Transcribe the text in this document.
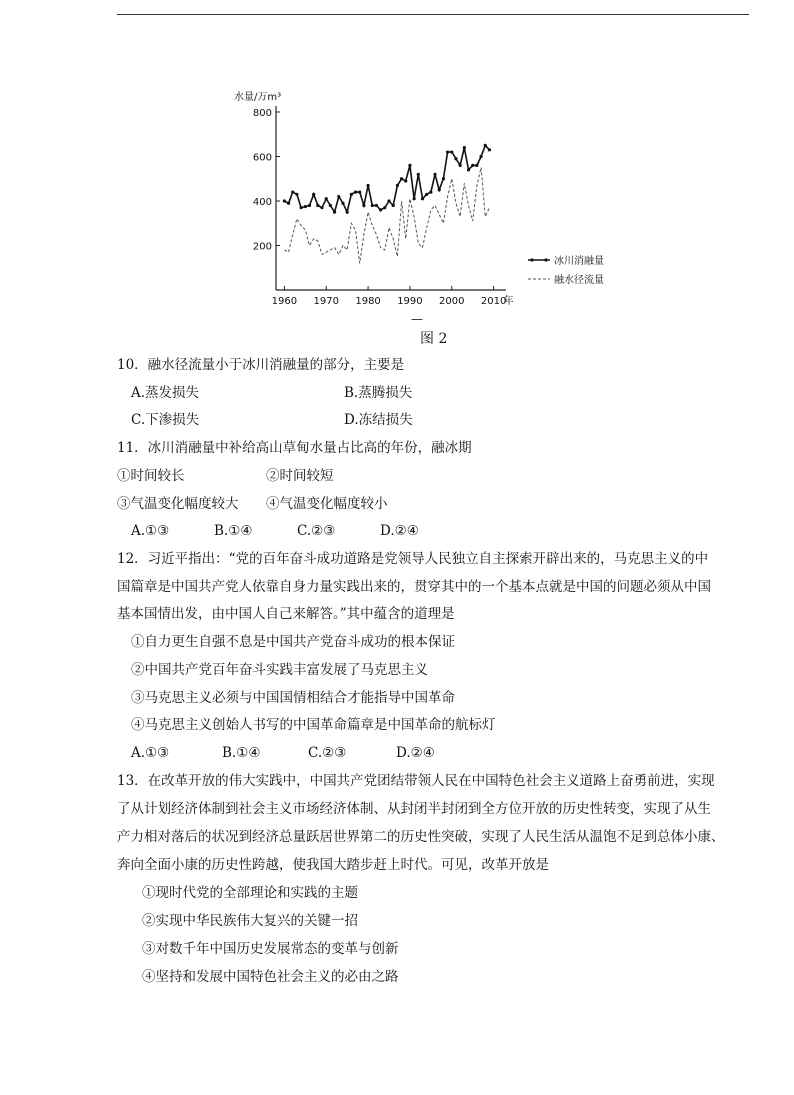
水量/万m³
200
400
600
800
1960 1970 1980 1990 2000 2010
年
冰川消融量
融水径流量
—
图 2
10．融水径流量小于冰川消融量的部分，主要是
A.蒸发损失	B.蒸腾损失
C.下渗损失	D.冻结损失
11．冰川消融量中补给高山草甸水量占比高的年份，融冰期
①时间较长	②时间较短
③气温变化幅度较大 ④气温变化幅度较小
A.①③	B.①④	C.②③	D.②④
12．习近平指出：“党的百年奋斗成功道路是党领导人民独立自主探索开辟出来的，马克思主义的中
国篇章是中国共产党人依靠自身力量实践出来的，贯穿其中的一个基本点就是中国的问题必须从中国
基本国情出发，由中国人自己来解答。”其中蕴含的道理是
①自力更生自强不息是中国共产党奋斗成功的根本保证
②中国共产党百年奋斗实践丰富发展了马克思主义
③马克思主义必须与中国国情相结合才能指导中国革命
④马克思主义创始人书写的中国革命篇章是中国革命的航标灯
A.①③	B.①④	C.②③	D.②④
13．在改革开放的伟大实践中，中国共产党团结带领人民在中国特色社会主义道路上奋勇前进，实现
了从计划经济体制到社会主义市场经济体制、从封闭半封闭到全方位开放的历史性转变，实现了从生
产力相对落后的状况到经济总量跃居世界第二的历史性突破，实现了人民生活从温饱不足到总体小康、
奔向全面小康的历史性跨越，使我国大踏步赶上时代。可见，改革开放是
①现时代党的全部理论和实践的主题
②实现中华民族伟大复兴的关键一招
③对数千年中国历史发展常态的变革与创新
④坚持和发展中国特色社会主义的必由之路
